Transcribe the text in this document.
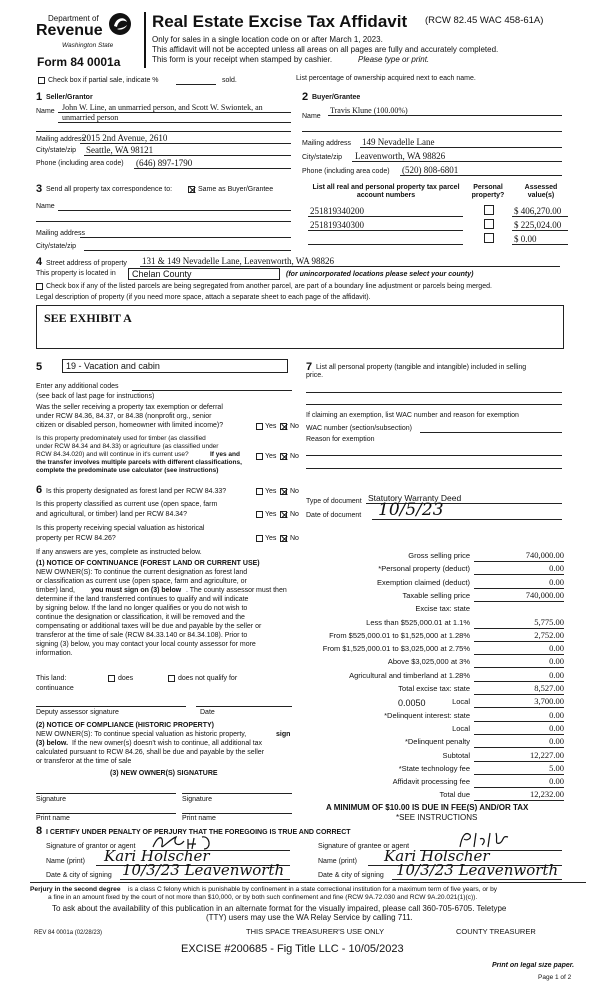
Department of
Revenue
Washington State
Form 84 0001a
Real Estate Excise Tax Affidavit (RCW 82.45 WAC 458-61A)
Only for sales in a single location code on or after March 1, 2023.
This affidavit will not be accepted unless all areas on all pages are fully and accurately completed.
This form is your receipt when stamped by cashier.	Please type or print.
Check box if partial sale, indicate %	sold.	List percentage of ownership acquired next to each name.
1 Seller/Grantor
Name John W. Line, an unmarried person, and Scott W. Swiontek, an
unmarried person
Mailing address
2015 2nd Avenue, 2610
City/state/zip Seattle, WA 98121
Phone (including area code) (646) 897-1790
2 Buyer/Grantee
Travis Klune (100.00%)
Name
Mailing address 149 Nevadelle Lane
City/state/zip Leavenworth, WA 98826
Phone (including area code) (520) 808-6801
3 Send all property tax correspondence to:	Same as Buyer/Grantee
Name
Mailing address
City/state/zip
List all real and personal property tax parcel account numbers
Personal property?
Assessed value(s)
251819340200	$ 406,270.00
251819340300	$ 225,024.00
$ 0.00
4 Street address of property 131 & 149 Nevadelle Lane, Leavenworth, WA 98826
This property is located in Chelan County	(for unincorporated locations please select your county)
Check box if any of the listed parcels are being segregated from another parcel, are part of a boundary line adjustment or parcels being merged.
Legal description of property (if you need more space, attach a separate sheet to each page of the affidavit).
SEE EXHIBIT A
5	19 - Vacation and cabin
Enter any additional codes
(see back of last page for instructions)
Was the seller receiving a property tax exemption or deferral
under RCW 84.36, 84.37, or 84.38 (nonprofit org., senior
citizen or disabled person, homeowner with limited income)?	Yes No
Is this property predominately used for timber (as classified
under RCW 84.34 and 84.33) or agriculture (as classified under
RCW 84.34.020) and will continue in it's current use?	If yes and
the transfer involves multiple parcels with different classifications,
complete the predominate use calculator (see instructions)
Yes No
6 Is this property designated as forest land per RCW 84.33?	Yes No
Is this property classified as current use (open space, farm
and agricultural, or timber) land per RCW 84.34?	Yes No
Is this property receiving special valuation as historical
property per RCW 84.26?	Yes No
If any answers are yes, complete as instructed below.
(1) NOTICE OF CONTINUANCE (FOREST LAND OR CURRENT USE)
NEW OWNER(S): To continue the current designation as forest land
or classification as current use (open space, farm and agriculture, or
timber) land, you must sign on (3) below . The county assessor must then
determine if the land transferred continues to qualify and will indicate
by signing below. If the land no longer qualifies or you do not wish to
continue the designation or classification, it will be removed and the
compensating or additional taxes will be due and payable by the seller or
transferor at the time of sale (RCW 84.33.140 or 84.34.108). Prior to
signing (3) below, you may contact your local county assessor for more
information.
This land:	does	does not qualify for
continuance
Deputy assessor signature	Date
(2) NOTICE OF COMPLIANCE (HISTORIC PROPERTY)
NEW OWNER(S): To continue special valuation as historic property,	sign
(3) below. If the new owner(s) doesn't wish to continue, all additional tax
calculated pursuant to RCW 84.26, shall be due and payable by the seller
or transferor at the time of sale
(3) NEW OWNER(S) SIGNATURE
Signature	Signature
Print name	Print name
7 List all personal property (tangible and intangible) included in selling
price.
If claiming an exemption, list WAC number and reason for exemption
WAC number (section/subsection)
Reason for exemption
Type of document Statutory Warranty Deed
Date of document 10/5/23
Gross selling price	740,000.00
*Personal property (deduct)	0.00
Exemption claimed (deduct)	0.00
Taxable selling price	740,000.00
Excise tax: state
Less than $525,000.01 at 1.1%	5,775.00
From $525,000.01 to $1,525,000 at 1.28%	2,752.00
From $1,525,000.01 to $3,025,000 at 2.75%	0.00
Above $3,025,000 at 3%	0.00
Agricultural and timberland at 1.28%	0.00
Total excise tax: state	8,527.00
Local	3,700.00
*Delinquent interest: state	0.00
Local	0.00
*Delinquent penalty	0.00
Subtotal	12,227.00
*State technology fee	5.00
Affidavit processing fee	0.00
Total due	12,232.00
0.0050
A MINIMUM OF $10.00 IS DUE IN FEE(S) AND/OR TAX
*SEE INSTRUCTIONS
8 I CERTIFY UNDER PENALTY OF PERJURY THAT THE FOREGOING IS TRUE AND CORRECT
Signature of grantor or agent
Name (print) Kari Holscher
Date & city of signing 10/3/23 Leavenworth
Signature of grantee or agent
Name (print) Kari Holscher
Date & city of signing 10/3/23 Leavenworth
Perjury in the second degree is a class C felony which is punishable by confinement in a state correctional institution for a maximum term of five years, or by
a fine in an amount fixed by the court of not more than $10,000, or by both such confinement and fine (RCW 9A.72.030 and RCW 9A.20.021(1)(c)).
To ask about the availability of this publication in an alternate format for the visually impaired, please call 360-705-6705. Teletype
(TTY) users may use the WA Relay Service by calling 711.
REV 84 0001a (02/28/23)	THIS SPACE TREASURER'S USE ONLY	COUNTY TREASURER
EXCISE #200685 - Fig Title LLC - 10/05/2023
Print on legal size paper.
Page 1 of 2
